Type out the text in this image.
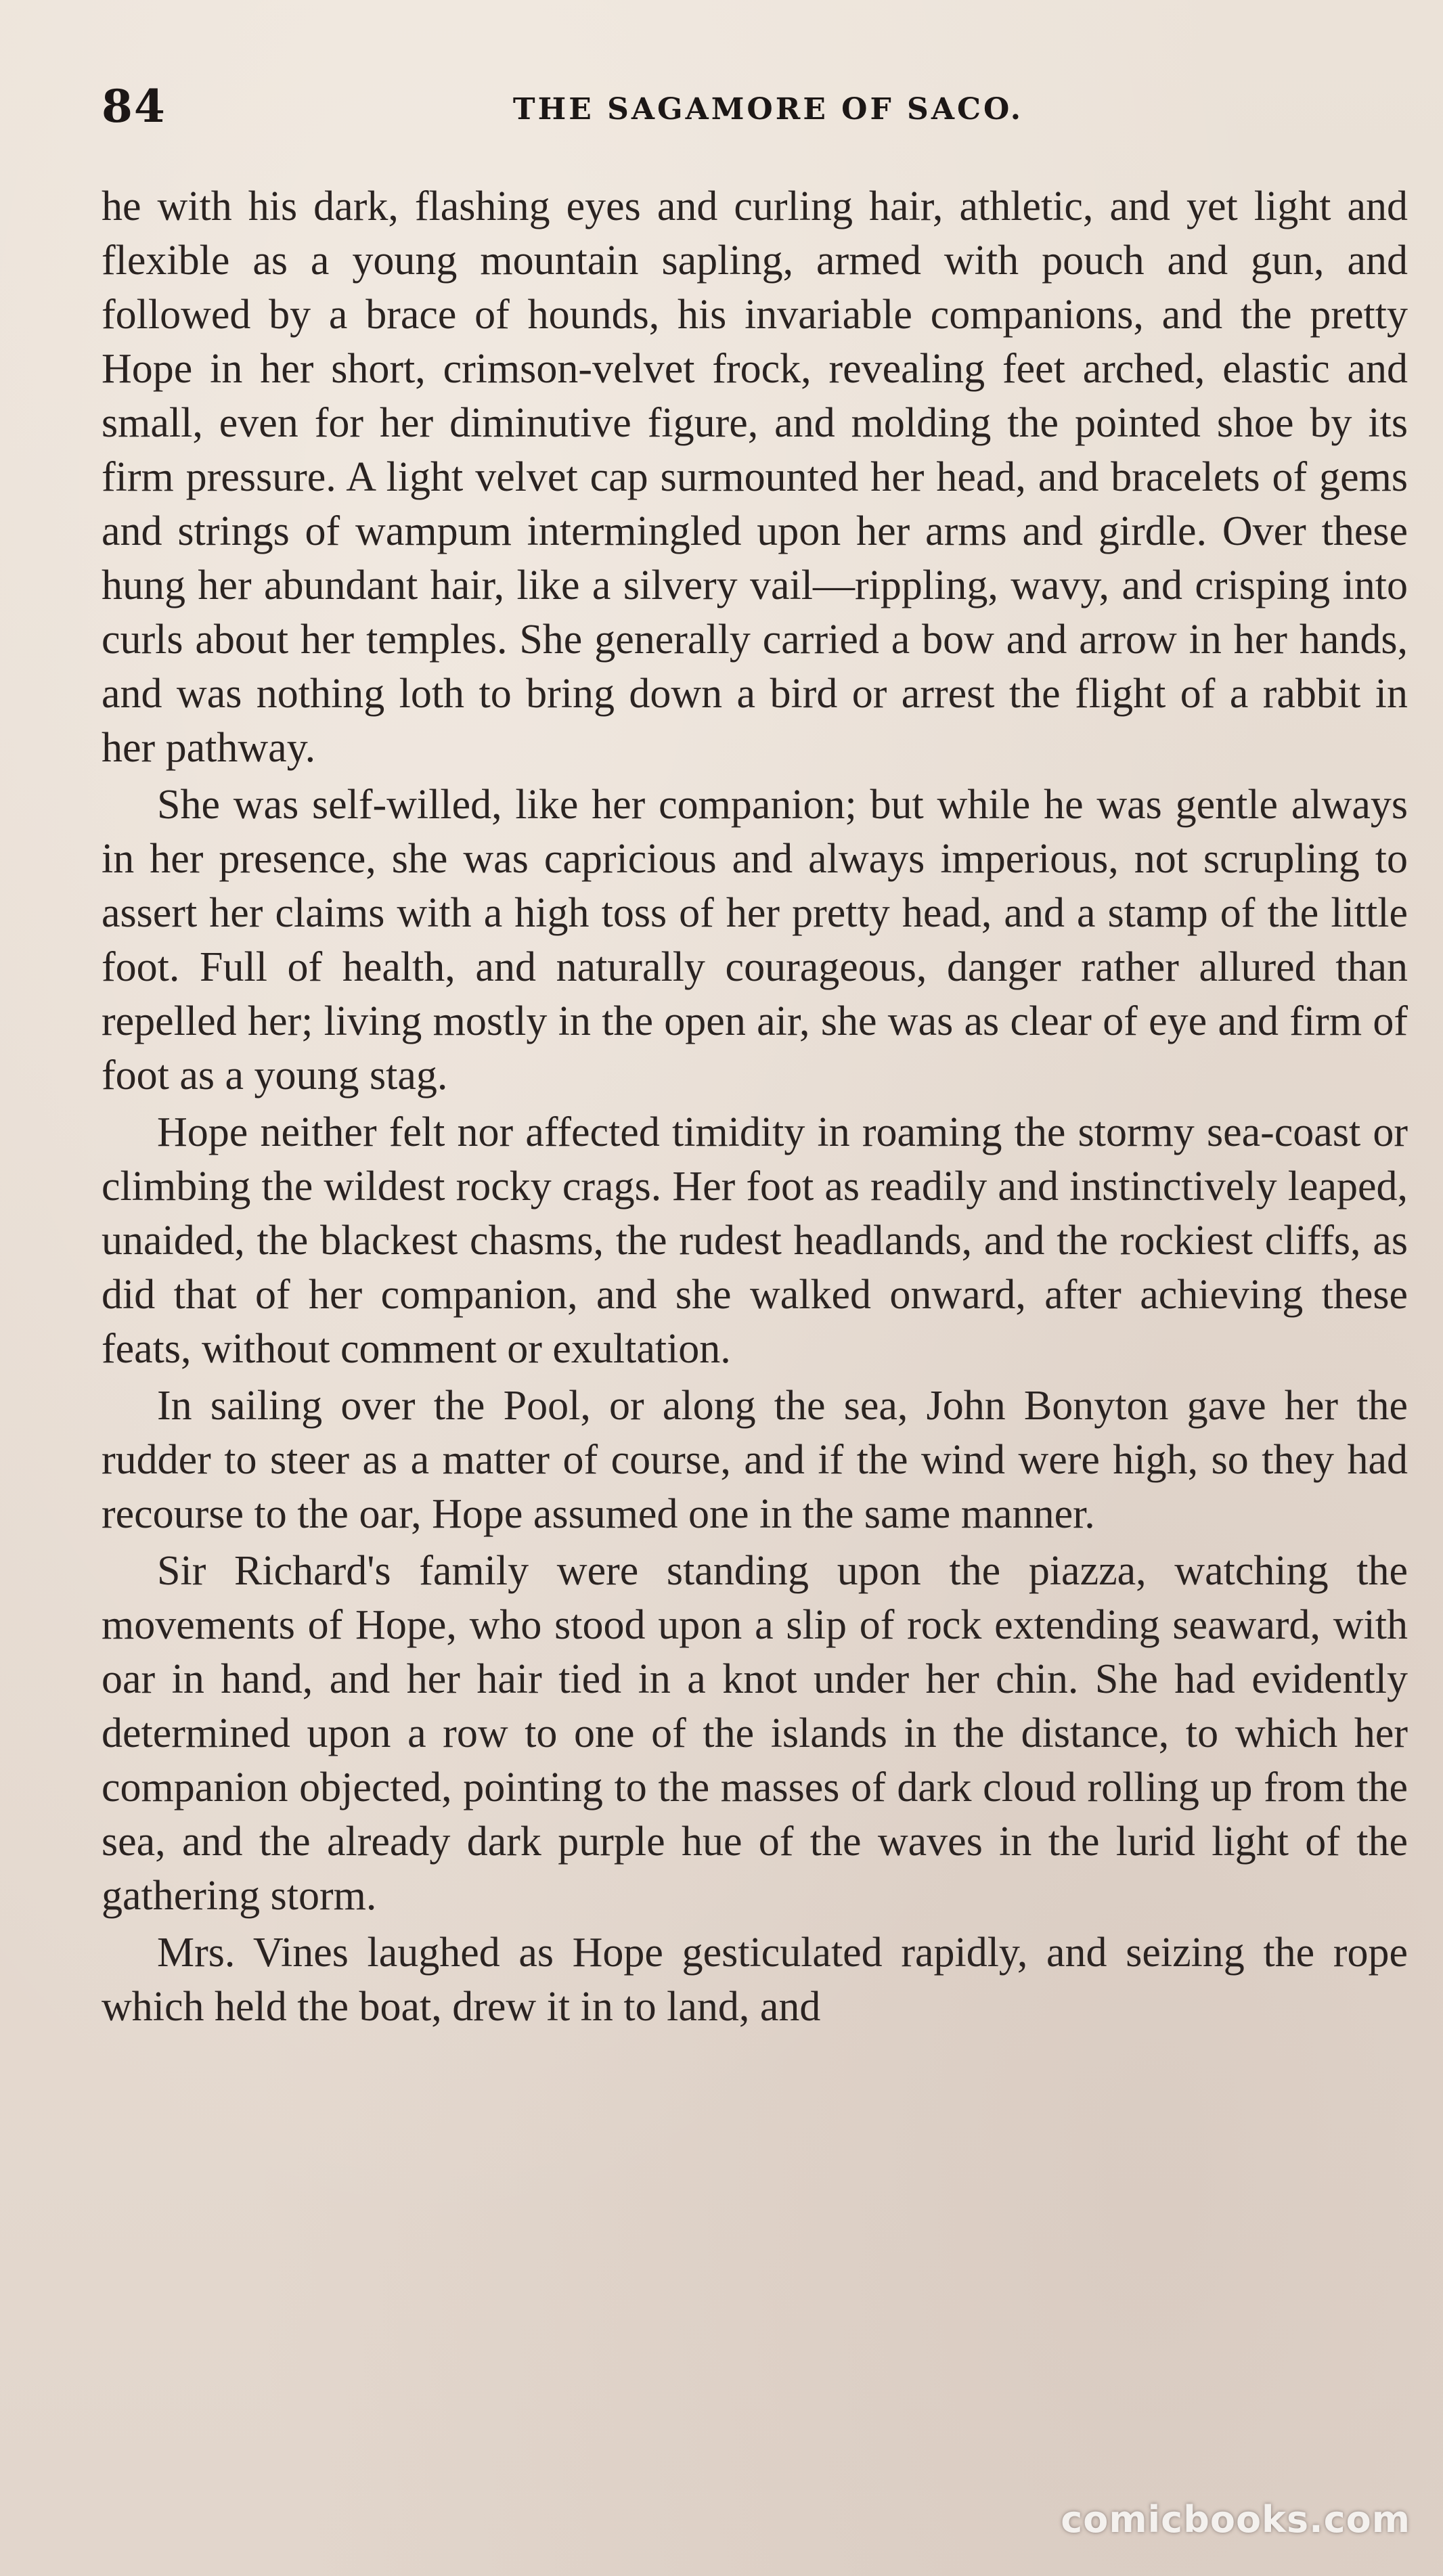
84	THE SAGAMORE OF SACO.

he with his dark, flashing eyes and curling hair, athletic, and yet light and flexible as a young mountain sapling, armed with pouch and gun, and followed by a brace of hounds, his invariable companions, and the pretty Hope in her short, crimson-velvet frock, revealing feet arched, elastic and small, even for her diminutive figure, and molding the pointed shoe by its firm pressure. A light velvet cap surmounted her head, and bracelets of gems and strings of wampum intermingled upon her arms and girdle. Over these hung her abundant hair, like a silvery vail—rippling, wavy, and crisping into curls about her temples. She generally carried a bow and arrow in her hands, and was nothing loth to bring down a bird or arrest the flight of a rabbit in her pathway.

She was self-willed, like her companion; but while he was gentle always in her presence, she was capricious and always imperious, not scrupling to assert her claims with a high toss of her pretty head, and a stamp of the little foot. Full of health, and naturally courageous, danger rather allured than repelled her; living mostly in the open air, she was as clear of eye and firm of foot as a young stag.

Hope neither felt nor affected timidity in roaming the stormy sea-coast or climbing the wildest rocky crags. Her foot as readily and instinctively leaped, unaided, the blackest chasms, the rudest headlands, and the rockiest cliffs, as did that of her companion, and she walked onward, after achieving these feats, without comment or exultation.

In sailing over the Pool, or along the sea, John Bonyton gave her the rudder to steer as a matter of course, and if the wind were high, so they had recourse to the oar, Hope assumed one in the same manner.

Sir Richard's family were standing upon the piazza, watching the movements of Hope, who stood upon a slip of rock extending seaward, with oar in hand, and her hair tied in a knot under her chin. She had evidently determined upon a row to one of the islands in the distance, to which her companion objected, pointing to the masses of dark cloud rolling up from the sea, and the already dark purple hue of the waves in the lurid light of the gathering storm.

Mrs. Vines laughed as Hope gesticulated rapidly, and seizing the rope which held the boat, drew it in to land, and

comicbooks.com
